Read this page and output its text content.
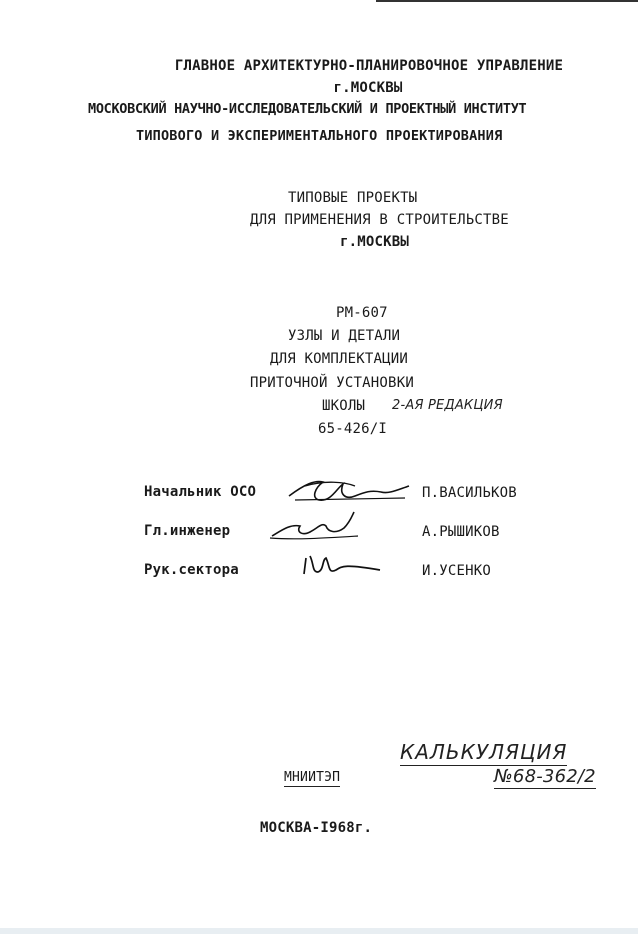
ГЛАВНОЕ АРХИТЕКТУРНО-ПЛАНИРОВОЧНОЕ УПРАВЛЕНИЕ
г.МОСКВЫ
МОСКОВСКИЙ НАУЧНО-ИССЛЕДОВАТЕЛЬСКИЙ И ПРОЕКТНЫЙ ИНСТИТУТ
ТИПОВОГО И ЭКСПЕРИМЕНТАЛЬНОГО ПРОЕКТИРОВАНИЯ
ТИПОВЫЕ ПРОЕКТЫ
ДЛЯ ПРИМЕНЕНИЯ В СТРОИТЕЛЬСТВЕ
г.МОСКВЫ
РМ-607
УЗЛЫ И ДЕТАЛИ
ДЛЯ КОМПЛЕКТАЦИИ
ПРИТОЧНОЙ УСТАНОВКИ
ШКОЛЫ 2-АЯ РЕДАКЦИЯ
65-426/I
Начальник ОСО	П.ВАСИЛЬКОВ
Гл.инженер	А.РЫШИКОВ
Рук.сектора	И.УСЕНКО
КАЛЬКУЛЯЦИЯ
№68-362/2
МНИИТЭП
МОСКВА-I968г.
